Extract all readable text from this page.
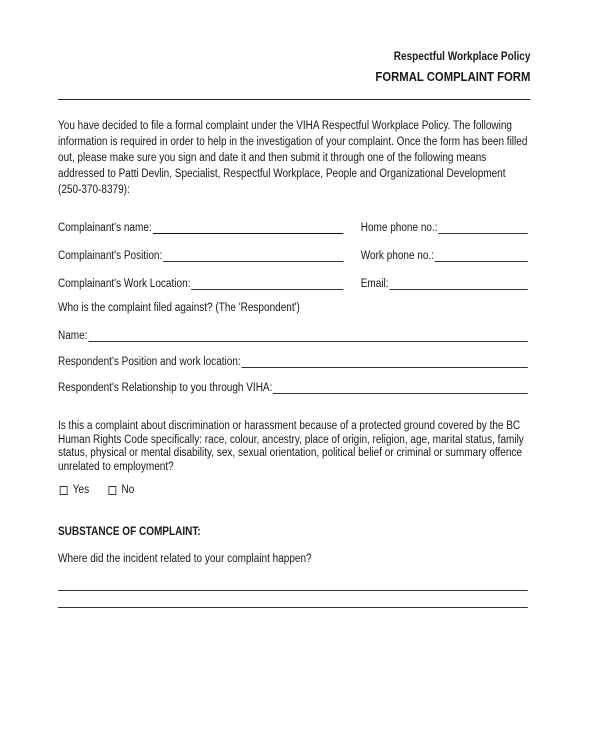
Respectful Workplace Policy
FORMAL COMPLAINT FORM
You have decided to file a formal complaint under the VIHA Respectful Workplace Policy. The following information is required in order to help in the investigation of your complaint. Once the form has been filled out, please make sure you sign and date it and then submit it through one of the following means addressed to Patti Devlin, Specialist, Respectful Workplace, People and Organizational Development (250-370-8379):
Complainant's name:	Home phone no.:
Complainant's Position:	Work phone no.:
Complainant's Work Location:	Email:
Who is the complaint filed against? (The 'Respondent')
Name:
Respondent's Position and work location:
Respondent's Relationship to you through VIHA:
Is this a complaint about discrimination or harassment because of a protected ground covered by the BC Human Rights Code specifically: race, colour, ancestry, place of origin, religion, age, marital status, family status, physical or mental disability, sex, sexual orientation, political belief or criminal or summary offence unrelated to employment?
Yes	No
SUBSTANCE OF COMPLAINT:
Where did the incident related to your complaint happen?
